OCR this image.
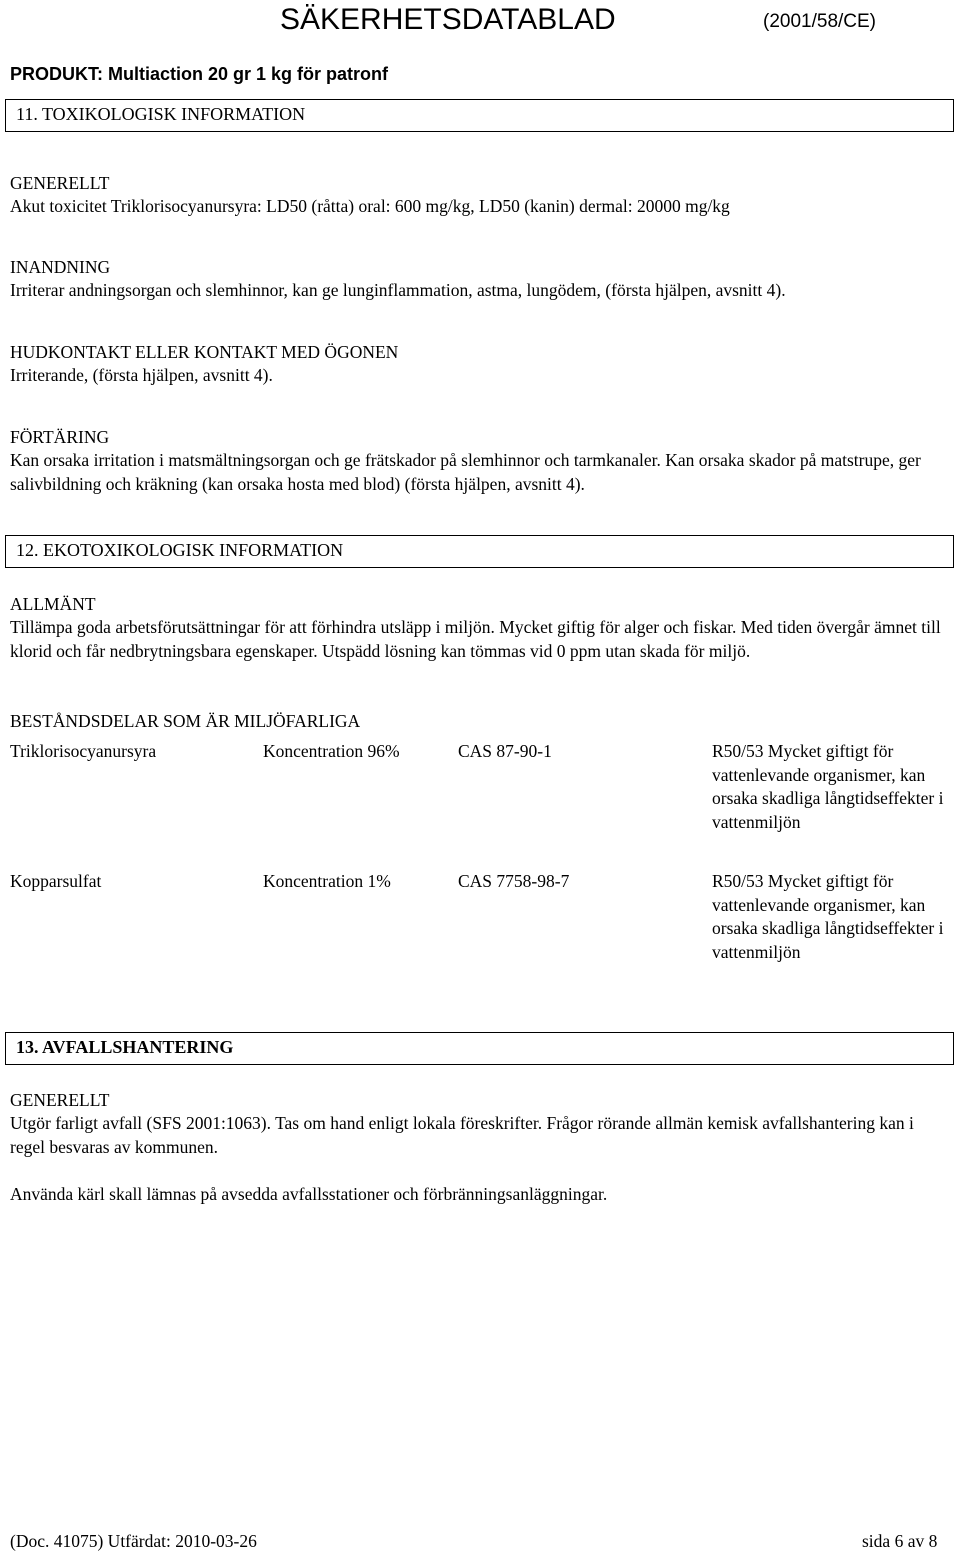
SÄKERHETSDATABLAD	(2001/58/CE)
PRODUKT: Multiaction 20 gr 1 kg för patronf
11. TOXIKOLOGISK INFORMATION
GENERELLT
Akut toxicitet Triklorisocyanursyra: LD50 (råtta) oral: 600 mg/kg, LD50 (kanin) dermal: 20000 mg/kg
INANDNING
Irriterar andningsorgan och slemhinnor, kan ge lunginflammation, astma, lungödem, (första hjälpen, avsnitt 4).
HUDKONTAKT ELLER KONTAKT MED ÖGONEN
Irriterande, (första hjälpen, avsnitt 4).
FÖRTÄRING
Kan orsaka irritation i matsmältningsorgan och ge frätskador på slemhinnor och tarmkanaler. Kan orsaka skador på matstrupe, ger salivbildning och kräkning (kan orsaka hosta med blod) (första hjälpen, avsnitt 4).
12. EKOTOXIKOLOGISK INFORMATION
ALLMÄNT
Tillämpa goda arbetsförutsättningar för att förhindra utsläpp i miljön. Mycket giftig för alger och fiskar. Med tiden övergår ämnet till klorid och får nedbrytningsbara egenskaper. Utspädd lösning kan tömmas vid 0 ppm utan skada för miljö.
BESTÅNDSDELAR SOM ÄR MILJÖFARLIGA
Triklorisocyanursyra	Koncentration 96%	CAS 87-90-1	R50/53 Mycket giftigt för vattenlevande organismer, kan orsaka skadliga långtidseffekter i vattenmiljön
Kopparsulfat	Koncentration 1%	CAS 7758-98-7	R50/53 Mycket giftigt för vattenlevande organismer, kan orsaka skadliga långtidseffekter i vattenmiljön
13. AVFALLSHANTERING
GENERELLT
Utgör farligt avfall (SFS 2001:1063). Tas om hand enligt lokala föreskrifter. Frågor rörande allmän kemisk avfallshantering kan i regel besvaras av kommunen.
Använda kärl skall lämnas på avsedda avfallsstationer och förbränningsanläggningar.
(Doc. 41075) Utfärdat: 2010-03-26	sida 6 av 8
